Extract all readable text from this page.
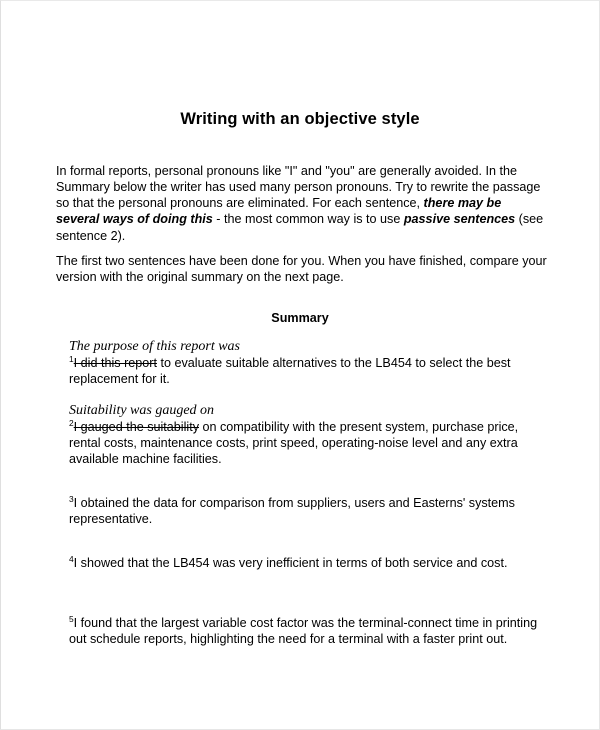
Writing with an objective style

In formal reports, personal pronouns like "I" and "you" are generally avoided. In the Summary below the writer has used many person pronouns. Try to rewrite the passage so that the personal pronouns are eliminated. For each sentence, there may be several ways of doing this - the most common way is to use passive sentences (see sentence 2).

The first two sentences have been done for you. When you have finished, compare your version with the original summary on the next page.

Summary

The purpose of this report was
$^1$I did this report to evaluate suitable alternatives to the LB454 to select the best replacement for it.

Suitability was gauged on
$^2$I gauged the suitability on compatibility with the present system, purchase price, rental costs, maintenance costs, print speed, operating-noise level and any extra available machine facilities.

$^3$I obtained the data for comparison from suppliers, users and Easterns' systems representative.

$^4$I showed that the LB454 was very inefficient in terms of both service and cost.

$^5$I found that the largest variable cost factor was the terminal-connect time in printing out schedule reports, highlighting the need for a terminal with a faster print out.
